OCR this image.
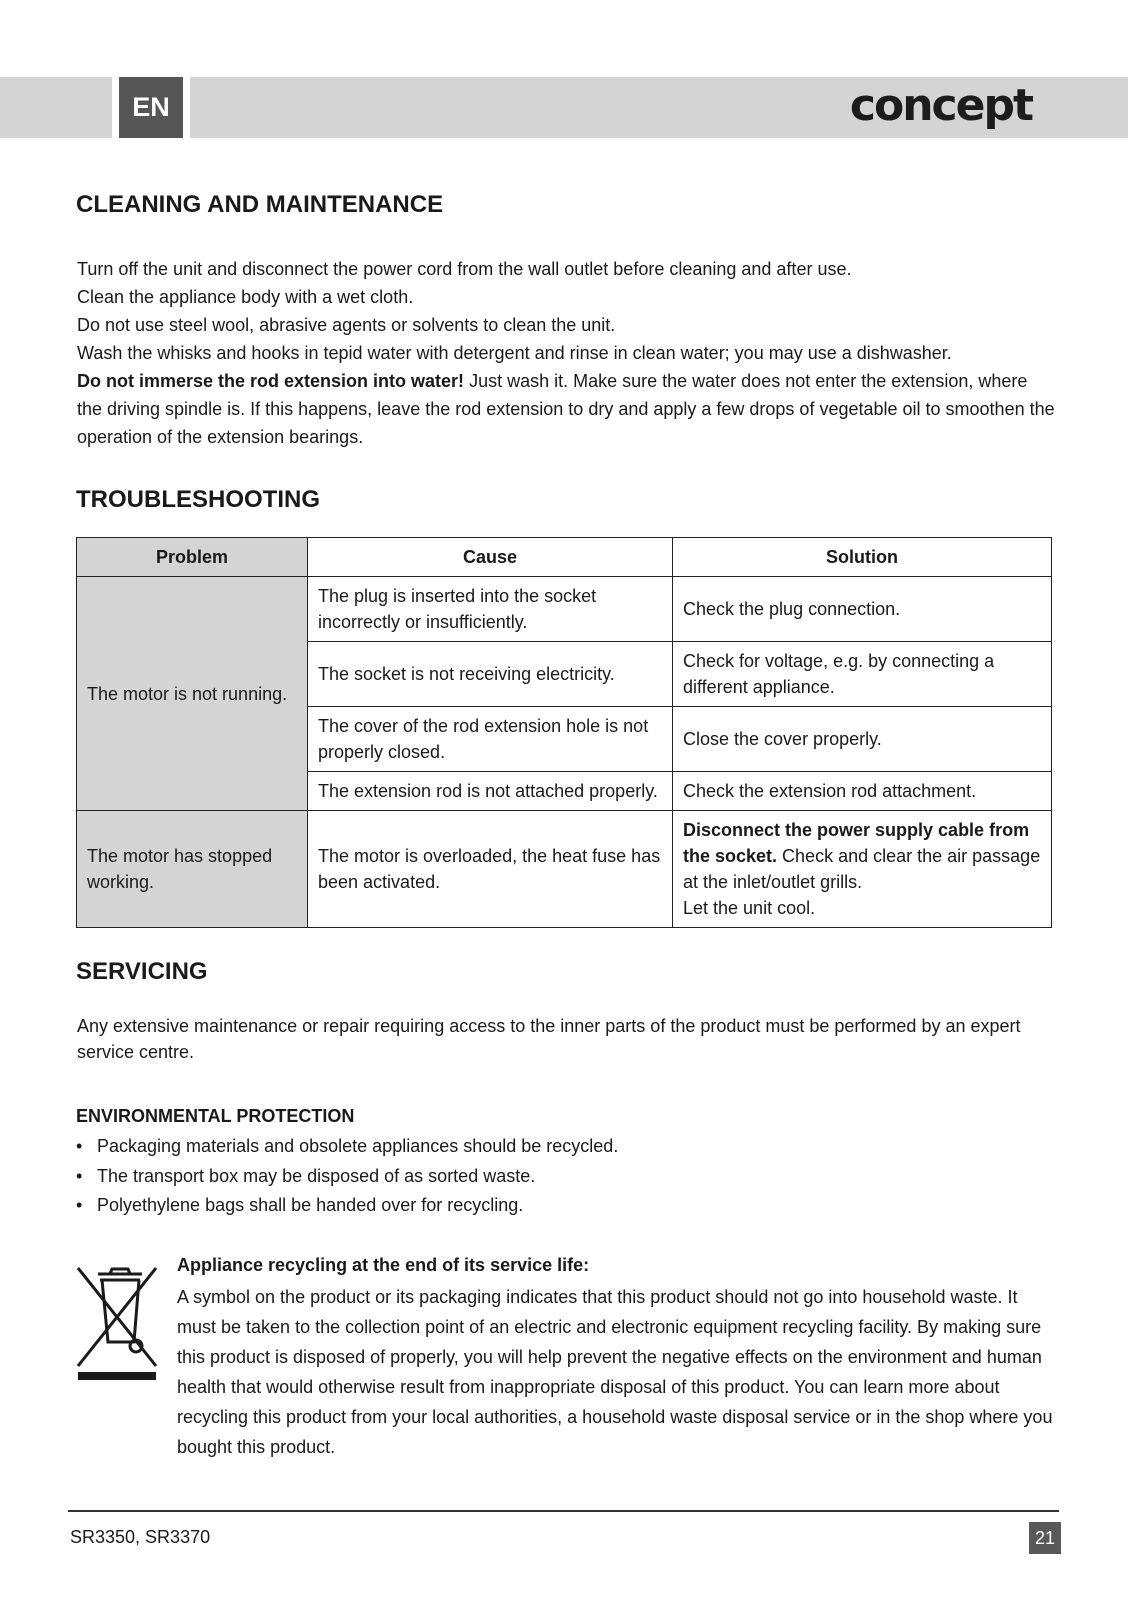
EN	concept
CLEANING AND MAINTENANCE

Turn off the unit and disconnect the power cord from the wall outlet before cleaning and after use.

Clean the appliance body with a wet cloth.

Do not use steel wool, abrasive agents or solvents to clean the unit.

Wash the whisks and hooks in tepid water with detergent and rinse in clean water; you may use a dishwasher.

Do not immerse the rod extension into water! Just wash it. Make sure the water does not enter the extension, where the driving spindle is. If this happens, leave the rod extension to dry and apply a few drops of vegetable oil to smoothen the operation of the extension bearings.

TROUBLESHOOTING
Problem	Cause	Solution
The motor is not running.	The plug is inserted into the socket incorrectly or insufficiently.	Check the plug connection.
	The socket is not receiving electricity.	Check for voltage, e.g. by connecting a different appliance.
	The cover of the rod extension hole is not properly closed.	Close the cover properly.
	The extension rod is not attached properly.	Check the extension rod attachment.
The motor has stopped working.	The motor is overloaded, the heat fuse has been activated.	Disconnect the power supply cable from the socket. Check and clear the air passage at the inlet/outlet grills.
Let the unit cool.
SERVICING

Any extensive maintenance or repair requiring access to the inner parts of the product must be performed by an expert service centre.

ENVIRONMENTAL PROTECTION
• Packaging materials and obsolete appliances should be recycled.
• The transport box may be disposed of as sorted waste.
• Polyethylene bags shall be handed over for recycling.
Appliance recycling at the end of its service life:

A symbol on the product or its packaging indicates that this product should not go into household waste. It must be taken to the collection point of an electric and electronic equipment recycling facility. By making sure this product is disposed of properly, you will help prevent the negative effects on the environment and human health that would otherwise result from inappropriate disposal of this product. You can learn more about recycling this product from your local authorities, a household waste disposal service or in the shop where you bought this product.

SR3350, SR3370	21
